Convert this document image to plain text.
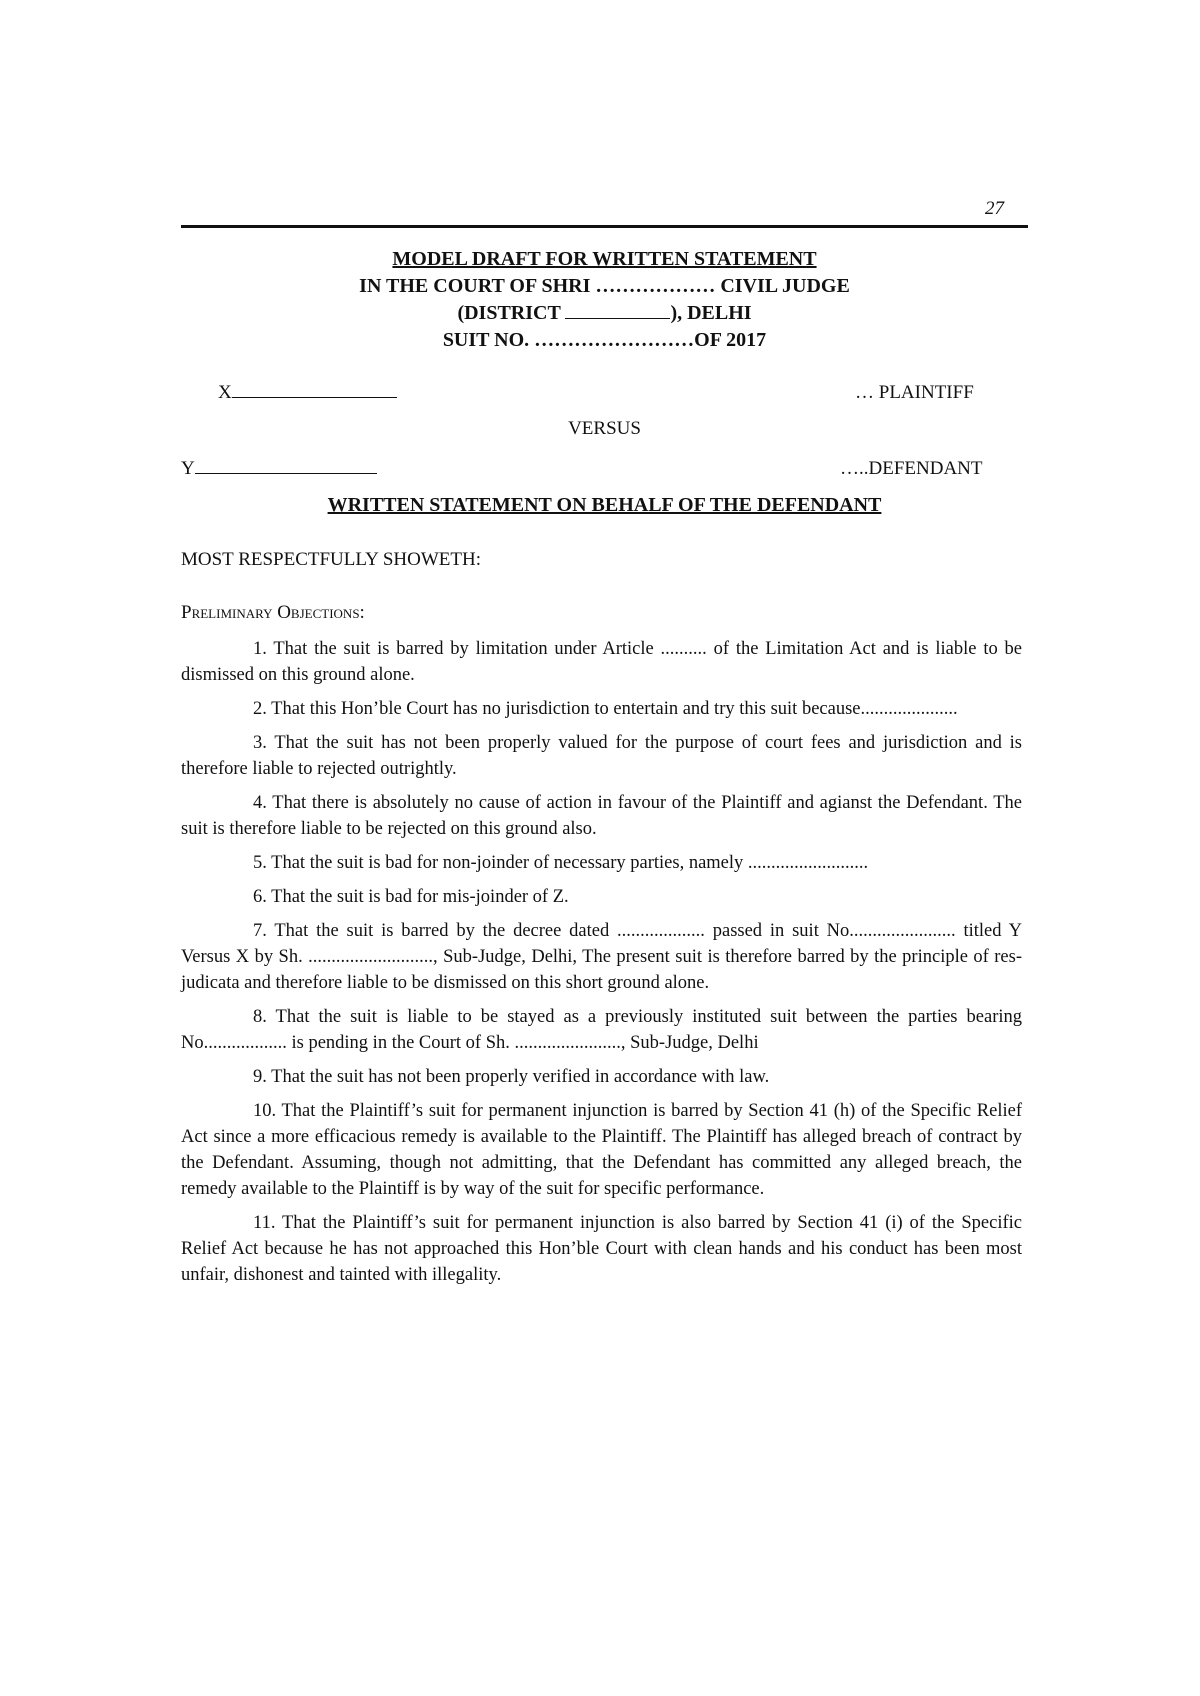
27
MODEL DRAFT FOR WRITTEN STATEMENT
IN THE COURT OF SHRI ……………… CIVIL JUDGE
(DISTRICT	), DELHI
SUIT NO. ……………………OF 2017
X	… PLAINTIFF
VERSUS
Y	…..DEFENDANT
WRITTEN STATEMENT ON BEHALF OF THE DEFENDANT
MOST RESPECTFULLY SHOWETH:
Preliminary Objections:

1. That the suit is barred by limitation under Article .......... of the Limitation Act and is liable to be dismissed on this ground alone.

2. That this Hon’ble Court has no jurisdiction to entertain and try this suit because.....................

3. That the suit has not been properly valued for the purpose of court fees and jurisdiction and is therefore liable to rejected outrightly.

4. That there is absolutely no cause of action in favour of the Plaintiff and agianst the Defendant. The suit is therefore liable to be rejected on this ground also.

5. That the suit is bad for non-joinder of necessary parties, namely ..........................

6. That the suit is bad for mis-joinder of Z.

7. That the suit is barred by the decree dated ................... passed in suit No....................... titled Y Versus X by Sh. ..........................., Sub-Judge, Delhi, The present suit is therefore barred by the principle of res-judicata and therefore liable to be dismissed on this short ground alone.

8. That the suit is liable to be stayed as a previously instituted suit between the parties bearing No.................. is pending in the Court of Sh. ......................., Sub-Judge, Delhi

9. That the suit has not been properly verified in accordance with law.

10. That the Plaintiff’s suit for permanent injunction is barred by Section 41 (h) of the Specific Relief Act since a more efficacious remedy is available to the Plaintiff. The Plaintiff has alleged breach of contract by the Defendant. Assuming, though not admitting, that the Defendant has committed any alleged breach, the remedy available to the Plaintiff is by way of the suit for specific performance.

11. That the Plaintiff’s suit for permanent injunction is also barred by Section 41 (i) of the Specific Relief Act because he has not approached this Hon’ble Court with clean hands and his conduct has been most unfair, dishonest and tainted with illegality.
